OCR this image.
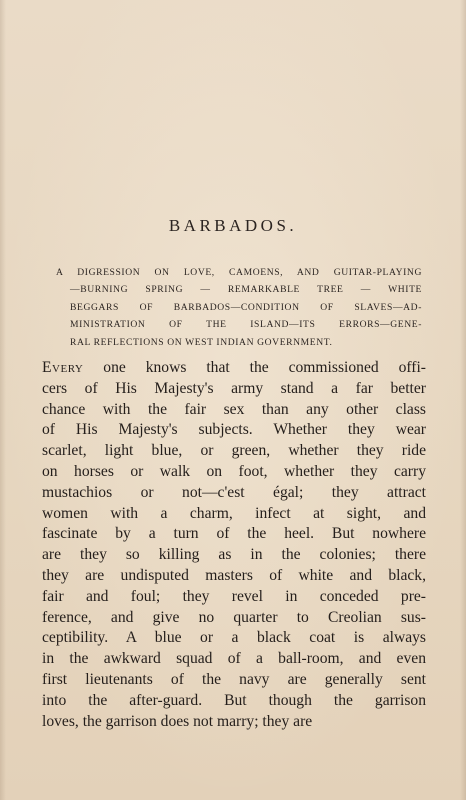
BARBADOS.
A DIGRESSION ON LOVE, CAMOENS, AND GUITAR-PLAYING
—BURNING SPRING — REMARKABLE TREE — WHITE
BEGGARS OF BARBADOS—CONDITION OF SLAVES—AD-
MINISTRATION OF THE ISLAND—ITS ERRORS—GENE-
RAL REFLECTIONS ON WEST INDIAN GOVERNMENT.
Every one knows that the commissioned offi-
cers of His Majesty's army stand a far better
chance with the fair sex than any other class
of His Majesty's subjects. Whether they wear
scarlet, light blue, or green, whether they ride
on horses or walk on foot, whether they carry
mustachios or not—c'est égal; they attract
women with a charm, infect at sight, and
fascinate by a turn of the heel. But nowhere
are they so killing as in the colonies; there
they are undisputed masters of white and black,
fair and foul; they revel in conceded pre-
ference, and give no quarter to Creolian sus-
ceptibility. A blue or a black coat is always
in the awkward squad of a ball-room, and even
first lieutenants of the navy are generally sent
into the after-guard. But though the garrison
loves, the garrison does not marry; they are
